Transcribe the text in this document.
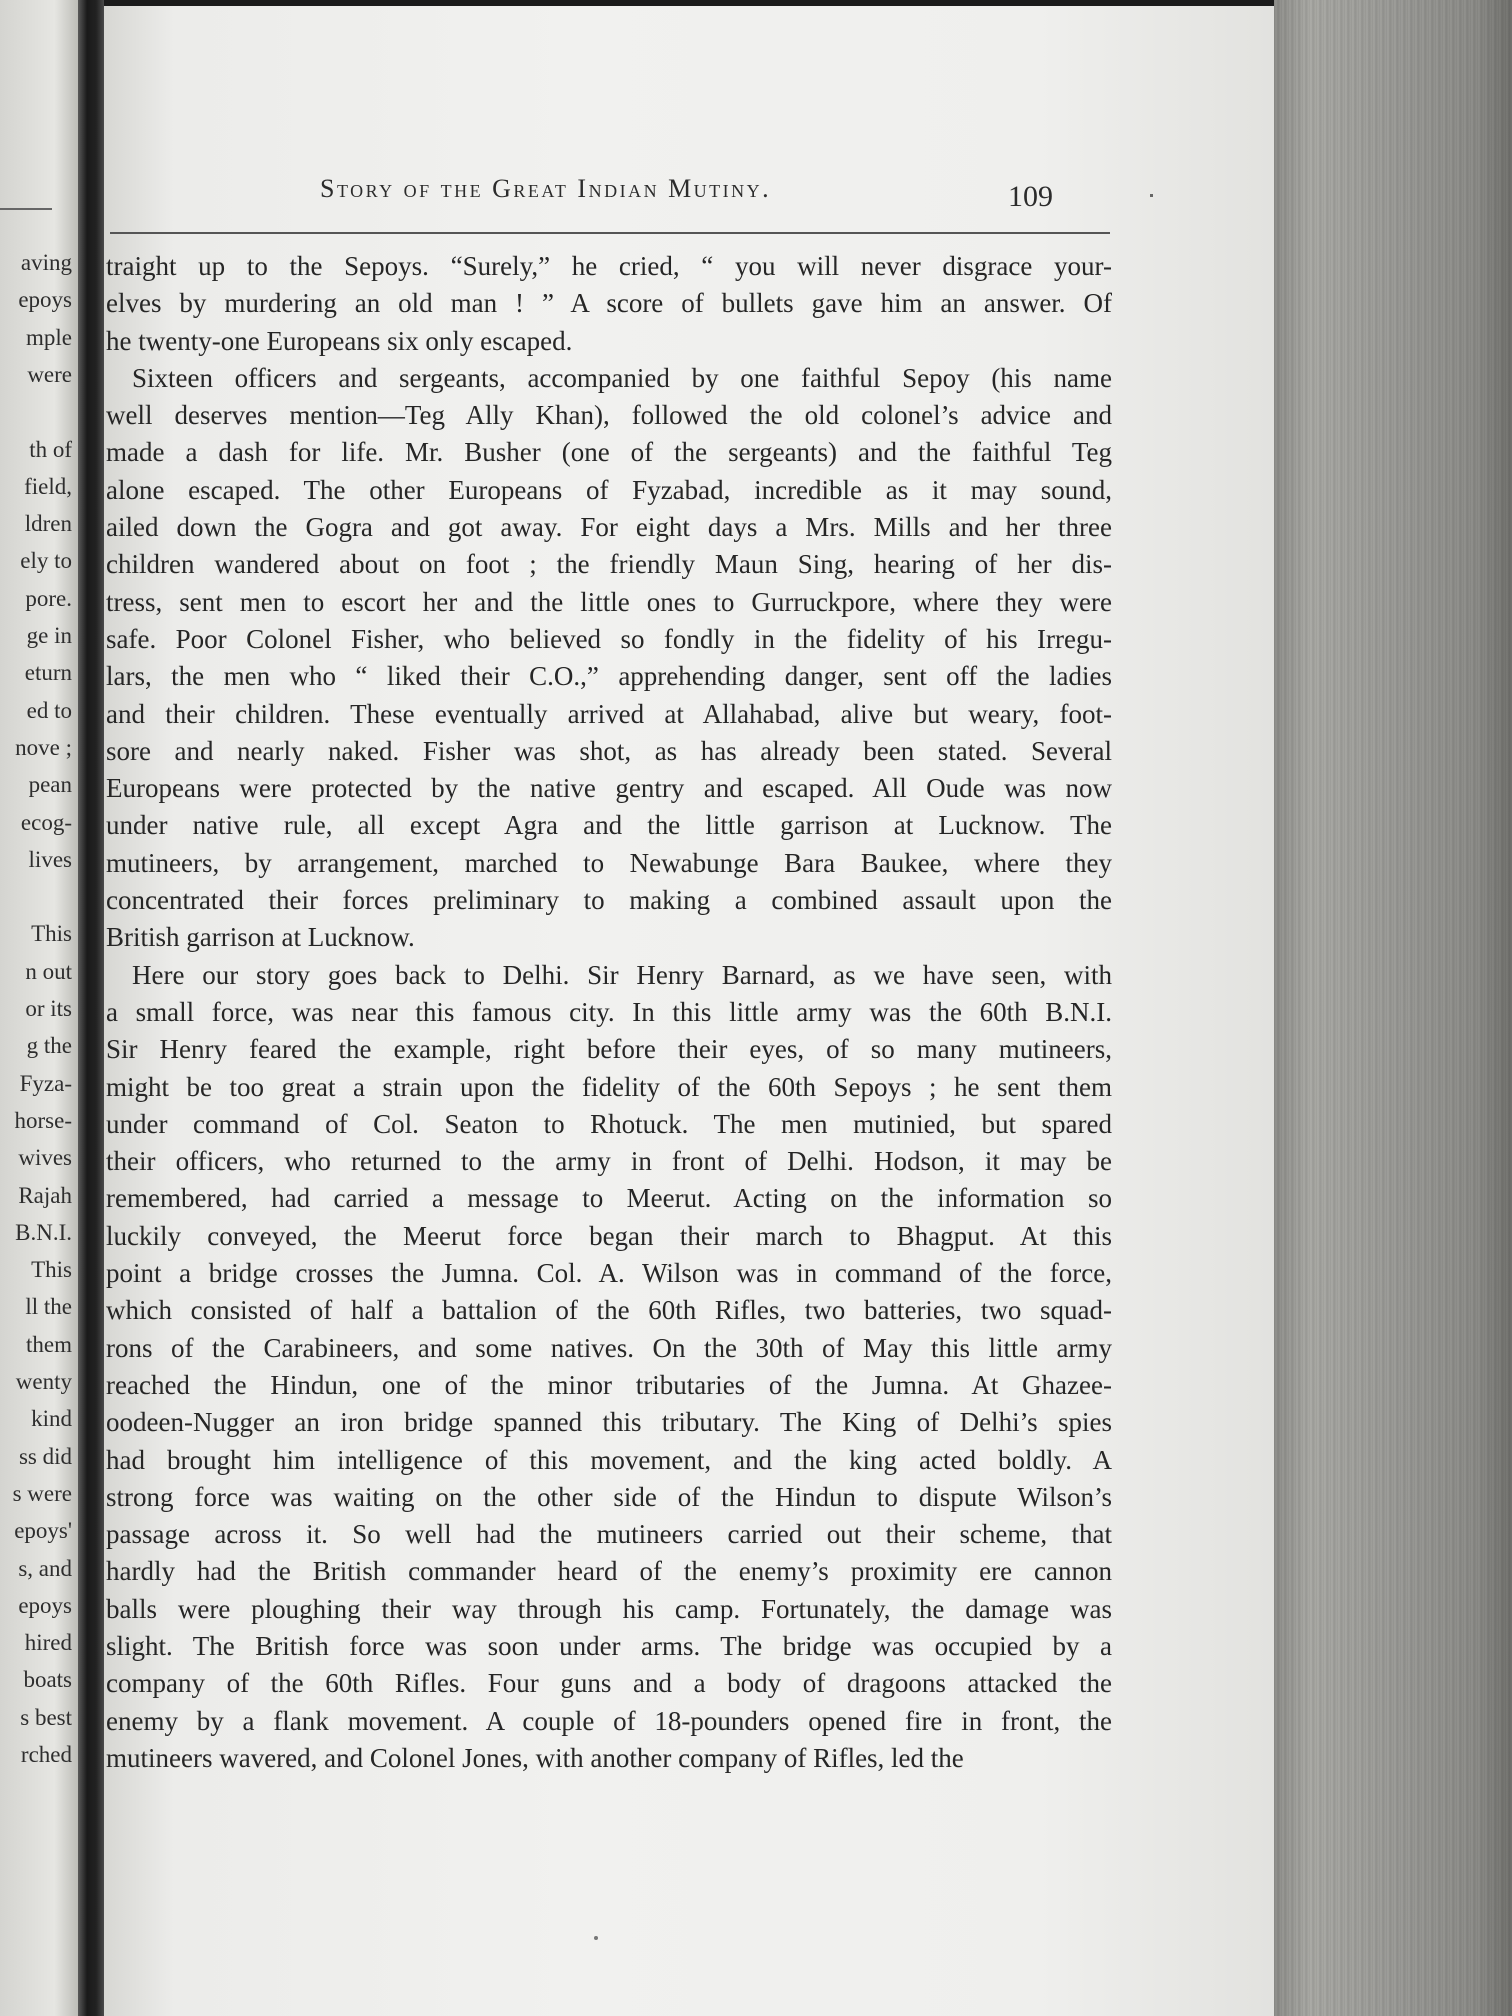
aving
epoys
mple
were
th of
field,
ldren
ely to
pore.
ge in
eturn
ed to
nove ;
pean
ecog-
lives
This
n out
or its
g the
Fyza-
horse-
wives
Rajah
B.N.I.
This
ll the
them
wenty
kind
ss did
s were
epoys'
s, and
epoys
hired
boats
s best
rched
Story of the Great Indian Mutiny.	109
traight up to the Sepoys. “Surely,” he cried, “ you will never disgrace your-
elves by murdering an old man ! ” A score of bullets gave him an answer. Of
he twenty-one Europeans six only escaped.
Sixteen officers and sergeants, accompanied by one faithful Sepoy (his name
well deserves mention—Teg Ally Khan), followed the old colonel’s advice and
made a dash for life. Mr. Busher (one of the sergeants) and the faithful Teg
alone escaped. The other Europeans of Fyzabad, incredible as it may sound,
ailed down the Gogra and got away. For eight days a Mrs. Mills and her three
children wandered about on foot ; the friendly Maun Sing, hearing of her dis-
tress, sent men to escort her and the little ones to Gurruckpore, where they were
safe. Poor Colonel Fisher, who believed so fondly in the fidelity of his Irregu-
lars, the men who “ liked their C.O.,” apprehending danger, sent off the ladies
and their children. These eventually arrived at Allahabad, alive but weary, foot-
sore and nearly naked. Fisher was shot, as has already been stated. Several
Europeans were protected by the native gentry and escaped. All Oude was now
under native rule, all except Agra and the little garrison at Lucknow. The
mutineers, by arrangement, marched to Newabunge Bara Baukee, where they
concentrated their forces preliminary to making a combined assault upon the
British garrison at Lucknow.
Here our story goes back to Delhi. Sir Henry Barnard, as we have seen, with
a small force, was near this famous city. In this little army was the 60th B.N.I.
Sir Henry feared the example, right before their eyes, of so many mutineers,
might be too great a strain upon the fidelity of the 60th Sepoys ; he sent them
under command of Col. Seaton to Rhotuck. The men mutinied, but spared
their officers, who returned to the army in front of Delhi. Hodson, it may be
remembered, had carried a message to Meerut. Acting on the information so
luckily conveyed, the Meerut force began their march to Bhagput. At this
point a bridge crosses the Jumna. Col. A. Wilson was in command of the force,
which consisted of half a battalion of the 60th Rifles, two batteries, two squad-
rons of the Carabineers, and some natives. On the 30th of May this little army
reached the Hindun, one of the minor tributaries of the Jumna. At Ghazee-
oodeen-Nugger an iron bridge spanned this tributary. The King of Delhi’s spies
had brought him intelligence of this movement, and the king acted boldly. A
strong force was waiting on the other side of the Hindun to dispute Wilson’s
passage across it. So well had the mutineers carried out their scheme, that
hardly had the British commander heard of the enemy’s proximity ere cannon
balls were ploughing their way through his camp. Fortunately, the damage was
slight. The British force was soon under arms. The bridge was occupied by a
company of the 60th Rifles. Four guns and a body of dragoons attacked the
enemy by a flank movement. A couple of 18-pounders opened fire in front, the
mutineers wavered, and Colonel Jones, with another company of Rifles, led the
